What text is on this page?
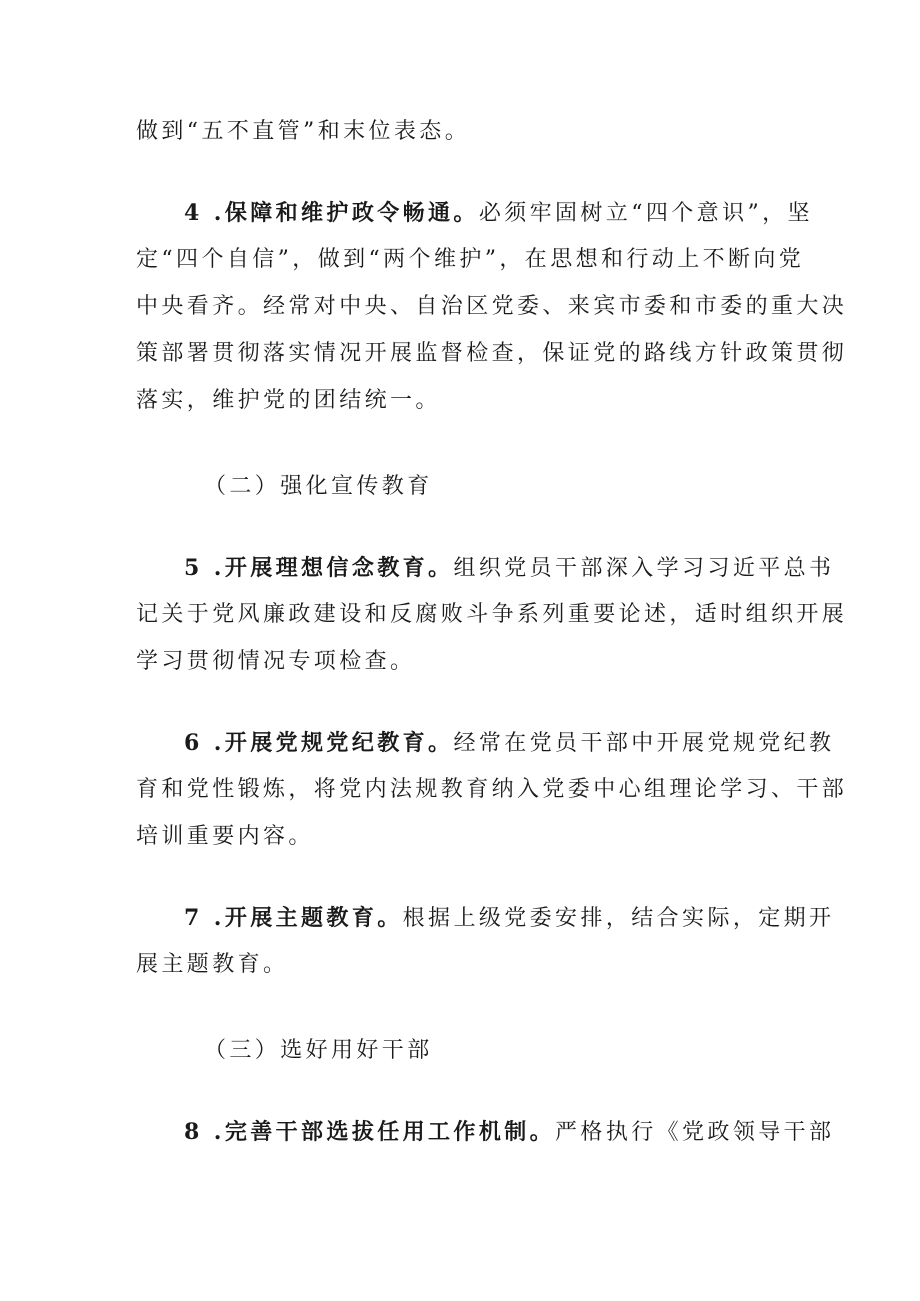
做到“五不直管”和末位表态。
4 .保障和维护政令畅通。必须牢固树立“四个意识”，坚
定“四个自信”，做到“两个维护”，在思想和行动上不断向党
中央看齐。经常对中央、自治区党委、来宾市委和市委的重大决
策部署贯彻落实情况开展监督检查，保证党的路线方针政策贯彻
落实，维护党的团结统一。
（二）强化宣传教育
5 .开展理想信念教育。组织党员干部深入学习习近平总书
记关于党风廉政建设和反腐败斗争系列重要论述，适时组织开展
学习贯彻情况专项检查。
6 .开展党规党纪教育。经常在党员干部中开展党规党纪教
育和党性锻炼，将党内法规教育纳入党委中心组理论学习、干部
培训重要内容。
7 .开展主题教育。根据上级党委安排，结合实际，定期开
展主题教育。
（三）选好用好干部
8 .完善干部选拔任用工作机制。严格执行《党政领导干部
